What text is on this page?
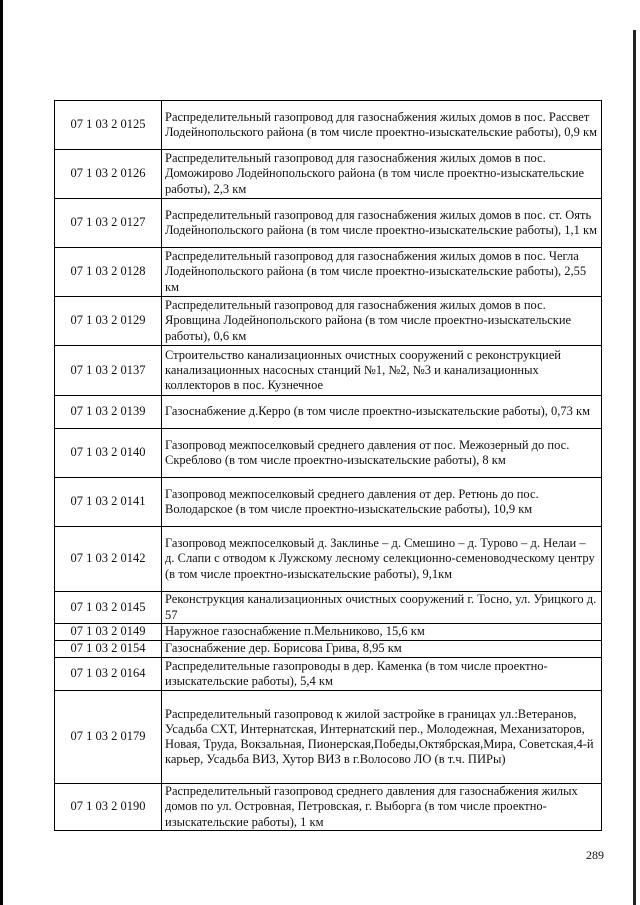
07 1 03 2 0125	Распределительный газопровод для газоснабжения жилых домов в пос. Рассвет Лодейнопольского района (в том числе проектно-изыскательские работы), 0,9 км
07 1 03 2 0126	Распределительный газопровод для газоснабжения жилых домов в пос. Доможирово Лодейнопольского района (в том числе проектно-изыскательские работы), 2,3 км
07 1 03 2 0127	Распределительный газопровод для газоснабжения жилых домов в пос. ст. Оять Лодейнопольского района (в том числе проектно-изыскательские работы), 1,1 км
07 1 03 2 0128	Распределительный газопровод для газоснабжения жилых домов в пос. Чегла Лодейнопольского района (в том числе проектно-изыскательские работы), 2,55 км
07 1 03 2 0129	Распределительный газопровод для газоснабжения жилых домов в пос. Яровщина Лодейнопольского района (в том числе проектно-изыскательские работы), 0,6 км
07 1 03 2 0137	Строительство канализационных очистных сооружений с реконструкцией канализационных насосных станций №1, №2, №3 и канализационных коллекторов в пос. Кузнечное
07 1 03 2 0139	Газоснабжение д.Керро (в том числе проектно-изыскательские работы), 0,73 км
07 1 03 2 0140	Газопровод межпоселковый среднего давления от пос. Межозерный до пос. Скреблово (в том числе проектно-изыскательские работы), 8 км
07 1 03 2 0141	Газопровод межпоселковый среднего давления от дер. Ретюнь до пос. Володарское (в том числе проектно-изыскательские работы), 10,9 км
07 1 03 2 0142	Газопровод межпоселковый д. Заклинье – д. Смешино – д. Турово – д. Нелаи – д. Слапи с отводом к Лужскому лесному селекционно-семеноводческому центру (в том числе проектно-изыскательские работы), 9,1км
07 1 03 2 0145	Реконструкция канализационных очистных сооружений г. Тосно, ул. Урицкого д. 57
07 1 03 2 0149	Наружное газоснабжение п.Мельниково, 15,6 км
07 1 03 2 0154	Газоснабжение дер. Борисова Грива, 8,95 км
07 1 03 2 0164	Распределительные газопроводы в дер. Каменка (в том числе проектно-изыскательские работы), 5,4 км
07 1 03 2 0179	Распределительный газопровод к жилой застройке в границах ул.:Ветеранов, Усадьба СХТ, Интернатская, Интернатский пер., Молодежная, Механизаторов, Новая, Труда, Вокзальная, Пионерская,Победы,Октябрская,Мира, Советская,4-й карьер, Усадьба ВИЗ, Хутор ВИЗ в г.Волосово ЛО (в т.ч. ПИРы)
07 1 03 2 0190	Распределительный газопровод среднего давления для газоснабжения жилых домов по ул. Островная, Петровская, г. Выборга (в том числе проектно-изыскательские работы), 1 км
289
